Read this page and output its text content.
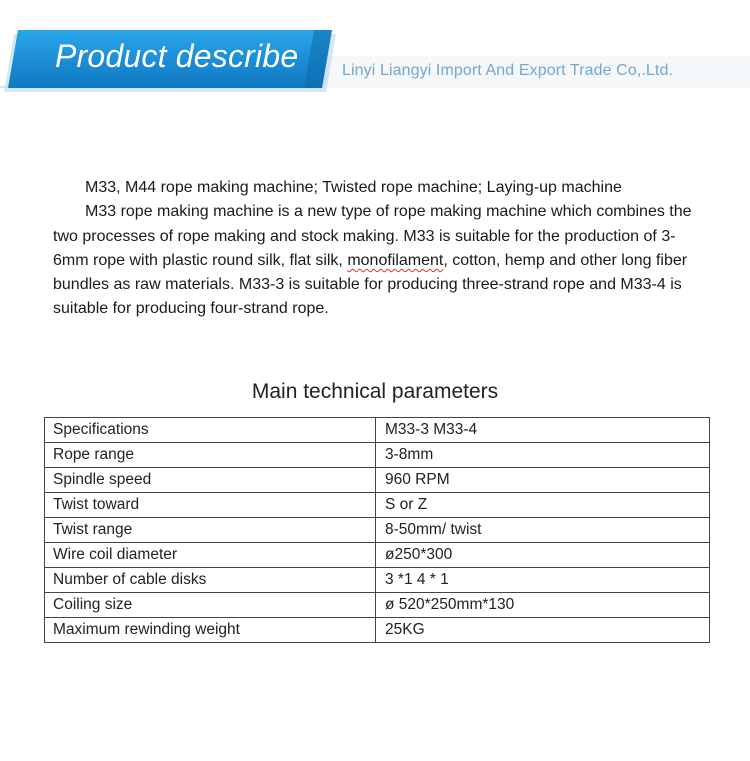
Product describe	Linyi Liangyi Import And Export Trade Co,.Ltd.

M33, M44 rope making machine; Twisted rope machine; Laying-up machine

M33 rope making machine is a new type of rope making machine which combines the two processes of rope making and stock making. M33 is suitable for the production of 3-6mm rope with plastic round silk, flat silk, monofilament, cotton, hemp and other long fiber bundles as raw materials. M33-3 is suitable for producing three-strand rope and M33-4 is suitable for producing four-strand rope.

Main technical parameters
Specifications	M33-3 M33-4
Rope range	3-8mm
Spindle speed	960 RPM
Twist toward	S or Z
Twist range	8-50mm/ twist
Wire coil diameter	ø250*300
Number of cable disks	3 *1 4 * 1
Coiling size	ø 520*250mm*130
Maximum rewinding weight	25KG
